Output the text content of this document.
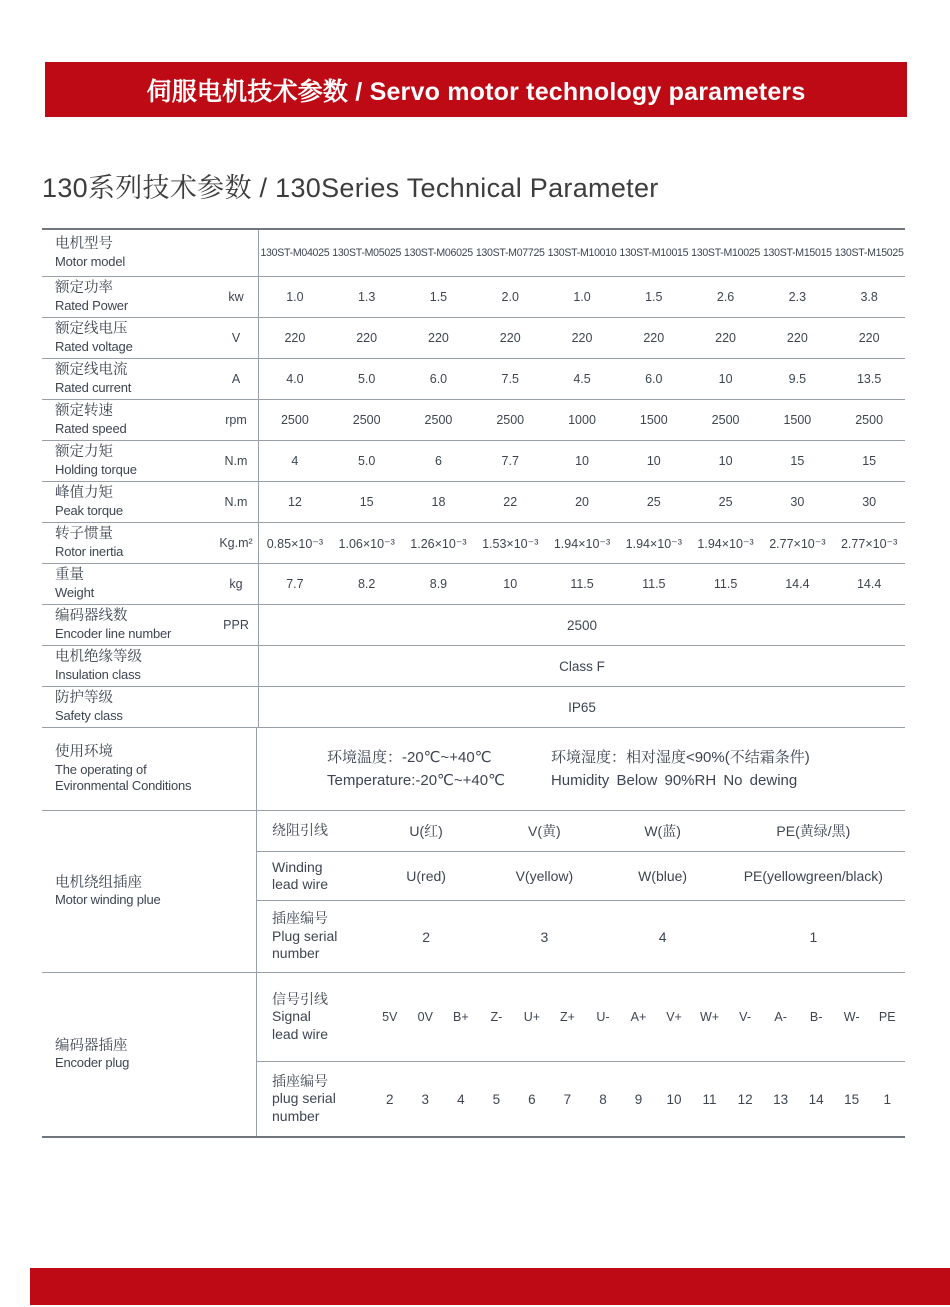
伺服电机技术参数 / Servo motor technology parameters
130系列技术参数 / 130Series Technical Parameter
电机型号
Motor model
130ST-M04025 130ST-M05025 130ST-M06025 130ST-M07725 130ST-M10010 130ST-M10015 130ST-M10025 130ST-M15015 130ST-M15025
额定功率
Rated Power
kw	1.0	1.3	1.5	2.0	1.0	1.5	2.6	2.3	3.8
额定线电压
Rated voltage
V	220	220	220	220	220	220	220	220	220
额定线电流
Rated current
A	4.0	5.0	6.0	7.5	4.5	6.0	10	9.5	13.5
额定转速
Rated speed
rpm	2500	2500	2500	2500	1000	1500	2500	1500	2500
额定力矩
Holding torque
N.m	4	5.0	6	7.7	10	10	10	15	15
峰值力矩
Peak torque
N.m	12	15	18	22	20	25	25	30	30
转子惯量
Rotor inertia
Kg.m²	0.85×10⁻³	1.06×10⁻³	1.26×10⁻³	1.53×10⁻³	1.94×10⁻³	1.94×10⁻³	1.94×10⁻³	2.77×10⁻³	2.77×10⁻³
重量
Weight
kg	7.7	8.2	8.9	10	11.5	11.5	11.5	14.4	14.4
编码器线数
Encoder line number
PPR	2500
电机绝缘等级
Insulation class
Class F
防护等级
Safety class
IP65
使用环境
The operating of
Evironmental Conditions
环境温度：-20℃~+40℃
Temperature:-20℃~+40℃
环境湿度：相对湿度<90%(不结霜条件)
Humidity Below 90%RH No dewing
电机绕组插座
Motor winding plue
绕阻引线	U(红)	V(黄)	W(蓝)	PE(黄绿/黑)
Winding
lead wire	U(red)	V(yellow)	W(blue)	PE(yellowgreen/black)
插座编号
Plug serial
number
2	3	4	1
编码器插座
Encoder plug
信号引线
Signal
lead wire
5V	0V	B+	Z-	U+	Z+	U-	A+	V+	W+	V-	A-	B-	W-	PE
插座编号
plug serial
number
2	3	4	5	6	7	8	9	10	11	12	13	14	15	1
